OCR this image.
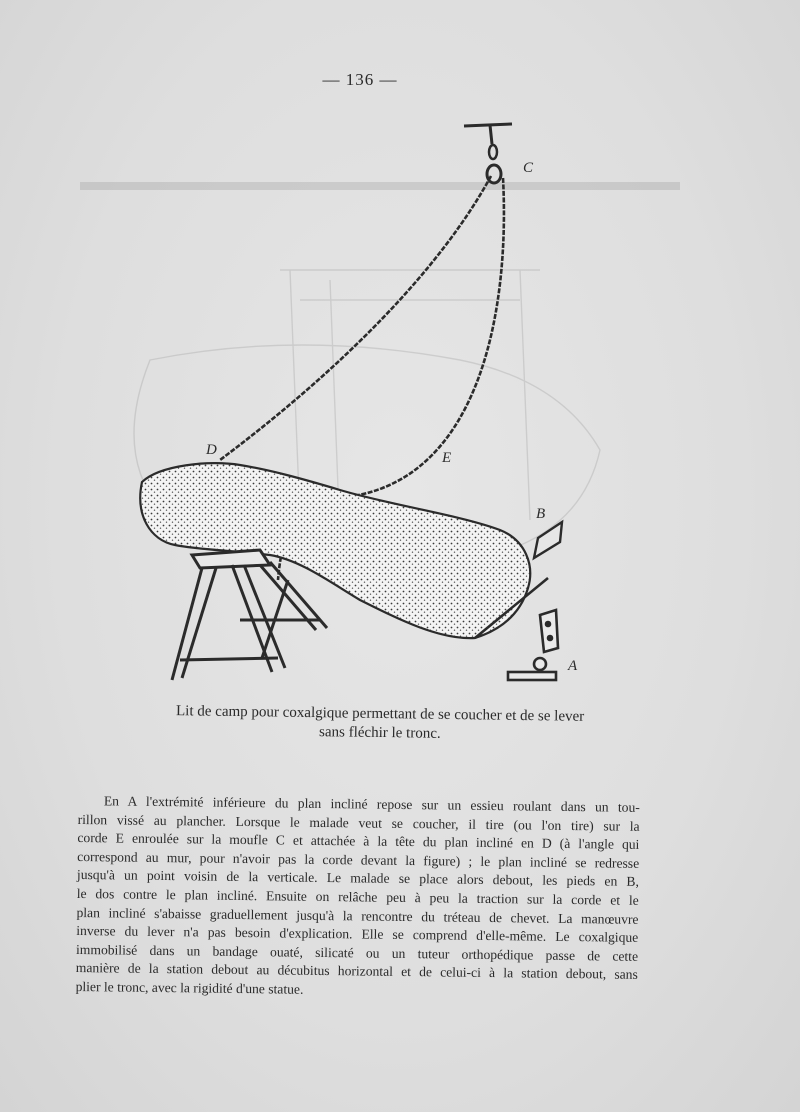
— 136 —
C
D	E
B
A
Lit de camp pour coxalgique permettant de se coucher et de se lever
sans fléchir le tronc.
En A l'extrémité inférieure du plan incliné repose sur un essieu roulant dans un tou-
rillon vissé au plancher. Lorsque le malade veut se coucher, il tire (ou l'on tire) sur la
corde E enroulée sur la moufle C et attachée à la tête du plan incliné en D (à l'angle qui
correspond au mur, pour n'avoir pas la corde devant la figure) ; le plan incliné se redresse
jusqu'à un point voisin de la verticale. Le malade se place alors debout, les pieds en B,
le dos contre le plan incliné. Ensuite on relâche peu à peu la traction sur la corde et le
plan incliné s'abaisse graduellement jusqu'à la rencontre du tréteau de chevet. La manœuvre
inverse du lever n'a pas besoin d'explication. Elle se comprend d'elle-même. Le coxalgique
immobilisé dans un bandage ouaté, silicaté ou un tuteur orthopédique passe de cette
manière de la station debout au décubitus horizontal et de celui-ci à la station debout, sans
plier le tronc, avec la rigidité d'une statue.
